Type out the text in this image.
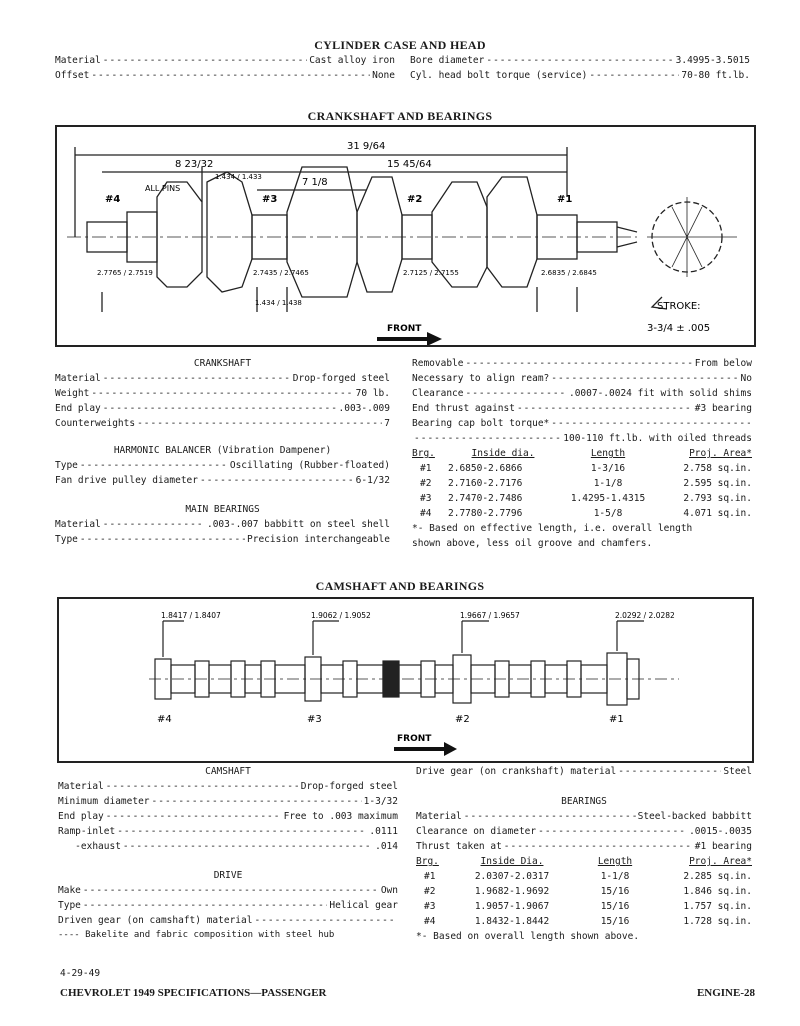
CYLINDER CASE AND HEAD
Material -----	Cast alloy iron
Offset -----	None
Bore diameter -----	3.4995-3.5015
Cyl. head bolt torque (service) -----	70-80 ft.lb.
CRANKSHAFT AND BEARINGS
31 9/64
15 45/64
7 1/8
8 23/32
ALL PINS
1.434 / 1.433
#4	#3	#2	#1
2.7765 / 2.7519	2.7435 / 2.7465	2.7125 / 2.7155	2.6835 / 2.6845
1.434 / 1.438	STROKE:
3-3/4 ± .005
FRONT
CRANKSHAFT
Material -----	Drop-forged steel
Weight -----	70 lb.
End play -----	.003-.009
Counterweights -----	7
HARMONIC BALANCER (Vibration Dampener)
Type -----	Oscillating (Rubber-floated)
Fan drive pulley diameter -----	6-1/32
MAIN BEARINGS
Material -----	.003-.007 babbitt on steel shell
Type -----	Precision interchangeable
Removable -----	From below
Necessary to align ream? -----	No
Clearance -----	.0007-.0024 fit with solid shims
End thrust against -----	#3 bearing
Bearing cap bolt torque*
-----
-----
100-110 ft.lb. with oiled threads
Brg.	Inside dia.	Length	Proj. Area*
#1	2.6850-2.6866	1-3/16	2.758 sq.in.
#2	2.7160-2.7176	1-1/8	2.595 sq.in.
#3	2.7470-2.7486	1.4295-1.4315	2.793 sq.in.
#4	2.7780-2.7796	1-5/8	4.071 sq.in.
*- Based on effective length, i.e. overall length
shown above, less oil groove and chamfers.
CAMSHAFT AND BEARINGS
1.8417 / 1.8407	1.9062 / 1.9052	1.9667 / 1.9657	2.0292 / 2.0282
#4	#3	#2	#1
FRONT
CAMSHAFT
Material -----	Drop-forged steel
Minimum diameter -----	1-3/32
End play -----	Free to .003 maximum
Ramp-inlet -----	.0111
-exhaust -----	.014
DRIVE
Make -----	Own
Type -----	Helical gear
Driven gear (on camshaft) material
-----
---- Bakelite and fabric composition with steel hub
Drive gear (on crankshaft) material -----	Steel
BEARINGS
Material -----	Steel-backed babbitt
Clearance on diameter -----	.0015-.0035
Thrust taken at -----	#1 bearing
Brg.	Inside Dia.	Length	Proj. Area*
#1	2.0307-2.0317	1-1/8	2.285 sq.in.
#2	1.9682-1.9692	15/16	1.846 sq.in.
#3	1.9057-1.9067	15/16	1.757 sq.in.
#4	1.8432-1.8442	15/16	1.728 sq.in.
*- Based on overall length shown above.
4-29-49
CHEVROLET 1949 SPECIFICATIONS—PASSENGER	ENGINE-28
